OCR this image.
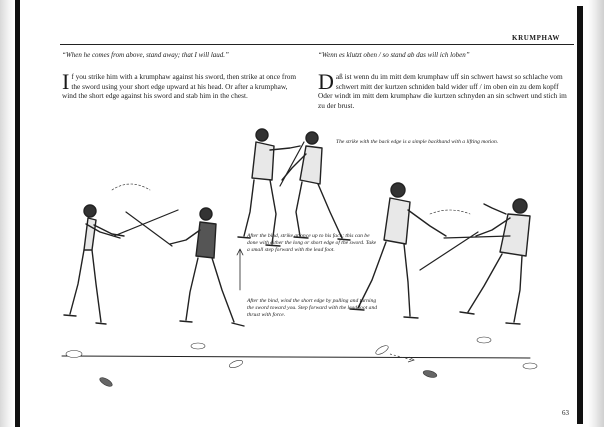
KRUMPHAW
“When he comes from above, stand away; that I will laud.”	“Wenn es klutzt oben / so stand ab das will ich loben”

If you strike him with a krumphaw against his sword, then strike at once from the sword using your short edge upward at his head. Or after a krumphaw, wind the short edge against his sword and stab him in the chest.

Daß ist wenn du im mitt dem krumphaw uff sin schwert hawst so schlache vom schwert mitt der kurtzen schniden bald wider uff / im oben ein zu dem kopff Oder windt im mitt dem krumphaw die kurtzen schnyden an sin schwert und stich im zu der brust.

The strike with the back edge is a simple backhand with a lifting motion.
After the bind, strike at once up to his face; this can be done with either the long or short edge of the sword. Take a small step forward with the lead foot.
After the bind, wind the short edge by pulling and turning the sword toward you. Step forward with the lead foot and thrust with force.
63
